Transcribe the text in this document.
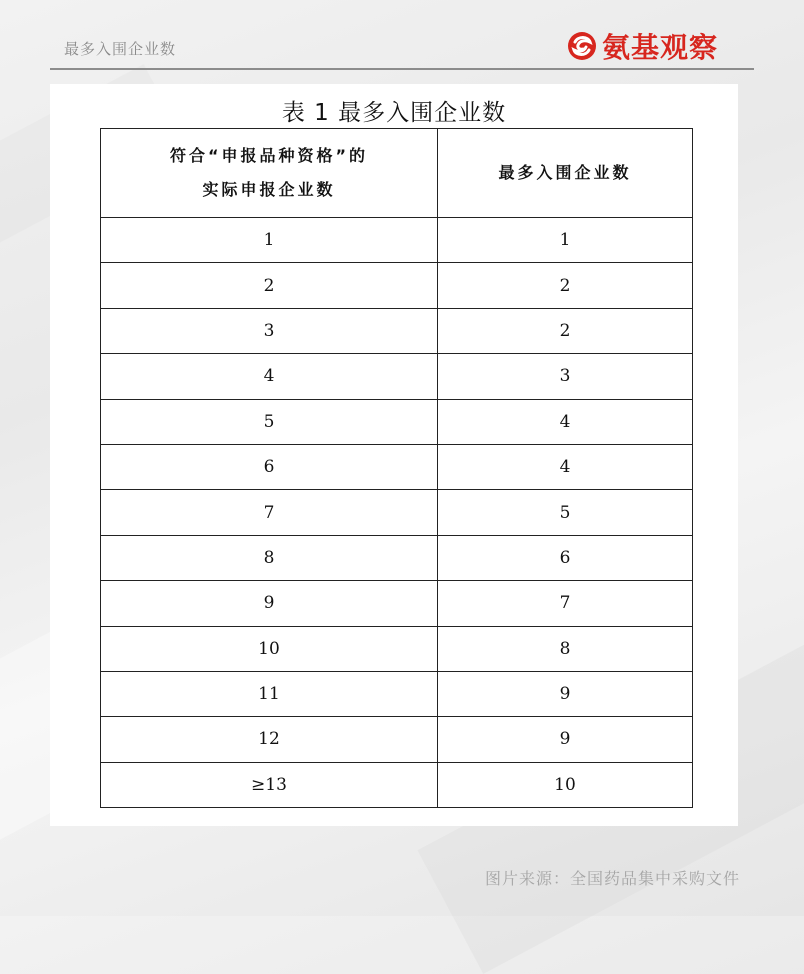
最多入围企业数	氨基观察
表 1 最多入围企业数
符合“申报品种资格”的
实际申报企业数	最多入围企业数
1	1
2	2
3	2
4	3
5	4
6	4
7	5
8	6
9	7
10	8
11	9
12	9
≥13	10
图片来源：全国药品集中采购文件
